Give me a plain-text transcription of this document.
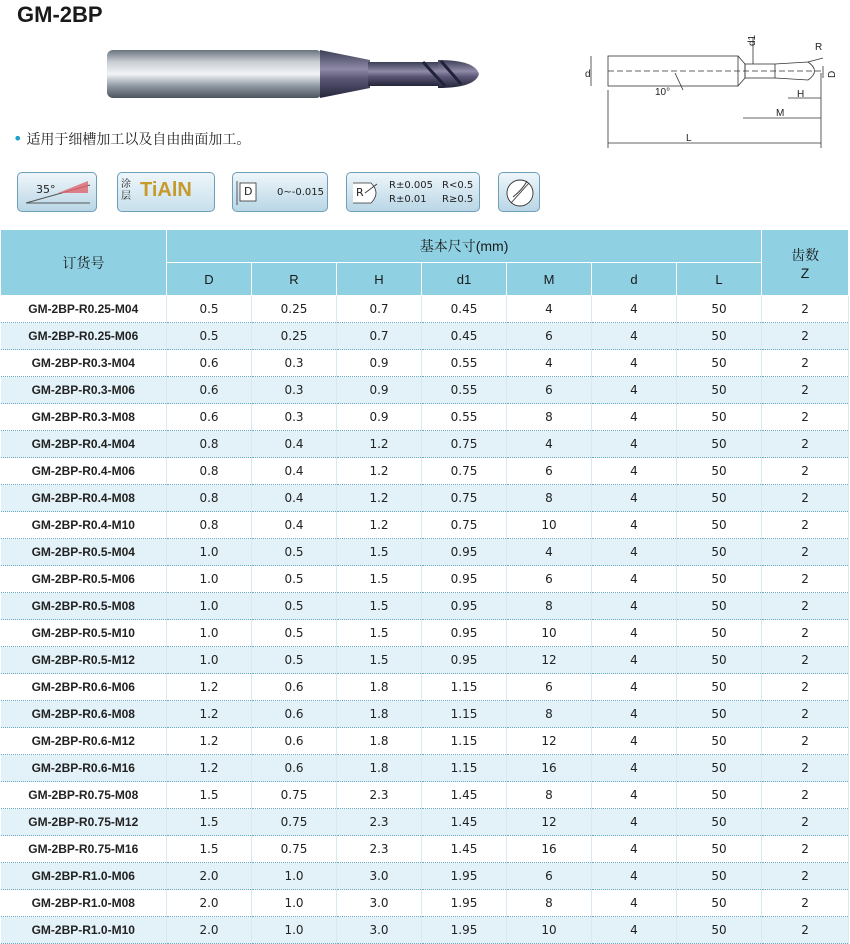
GM-2BP
d
d1
R
D
10°	H
M
L
• 适用于细槽加工以及自由曲面加工。
35°	涂层 TiAlN	D 0~-0.015	R
R±0.005
R±0.01
R<0.5
R≥0.5
订货号	基本尺寸(mm)							齿数
Z

	D	R	H	d1	M	d	L	
GM-2BP-R0.25-M04	0.5	0.25	0.7	0.45	4	4	50	2
GM-2BP-R0.25-M06	0.5	0.25	0.7	0.45	6	4	50	2
GM-2BP-R0.3-M04	0.6	0.3	0.9	0.55	4	4	50	2
GM-2BP-R0.3-M06	0.6	0.3	0.9	0.55	6	4	50	2
GM-2BP-R0.3-M08	0.6	0.3	0.9	0.55	8	4	50	2
GM-2BP-R0.4-M04	0.8	0.4	1.2	0.75	4	4	50	2
GM-2BP-R0.4-M06	0.8	0.4	1.2	0.75	6	4	50	2
GM-2BP-R0.4-M08	0.8	0.4	1.2	0.75	8	4	50	2
GM-2BP-R0.4-M10	0.8	0.4	1.2	0.75	10	4	50	2
GM-2BP-R0.5-M04	1.0	0.5	1.5	0.95	4	4	50	2
GM-2BP-R0.5-M06	1.0	0.5	1.5	0.95	6	4	50	2
GM-2BP-R0.5-M08	1.0	0.5	1.5	0.95	8	4	50	2
GM-2BP-R0.5-M10	1.0	0.5	1.5	0.95	10	4	50	2
GM-2BP-R0.5-M12	1.0	0.5	1.5	0.95	12	4	50	2
GM-2BP-R0.6-M06	1.2	0.6	1.8	1.15	6	4	50	2
GM-2BP-R0.6-M08	1.2	0.6	1.8	1.15	8	4	50	2
GM-2BP-R0.6-M12	1.2	0.6	1.8	1.15	12	4	50	2
GM-2BP-R0.6-M16	1.2	0.6	1.8	1.15	16	4	50	2
GM-2BP-R0.75-M08	1.5	0.75	2.3	1.45	8	4	50	2
GM-2BP-R0.75-M12	1.5	0.75	2.3	1.45	12	4	50	2
GM-2BP-R0.75-M16	1.5	0.75	2.3	1.45	16	4	50	2
GM-2BP-R1.0-M06	2.0	1.0	3.0	1.95	6	4	50	2
GM-2BP-R1.0-M08	2.0	1.0	3.0	1.95	8	4	50	2
GM-2BP-R1.0-M10	2.0	1.0	3.0	1.95	10	4	50	2
